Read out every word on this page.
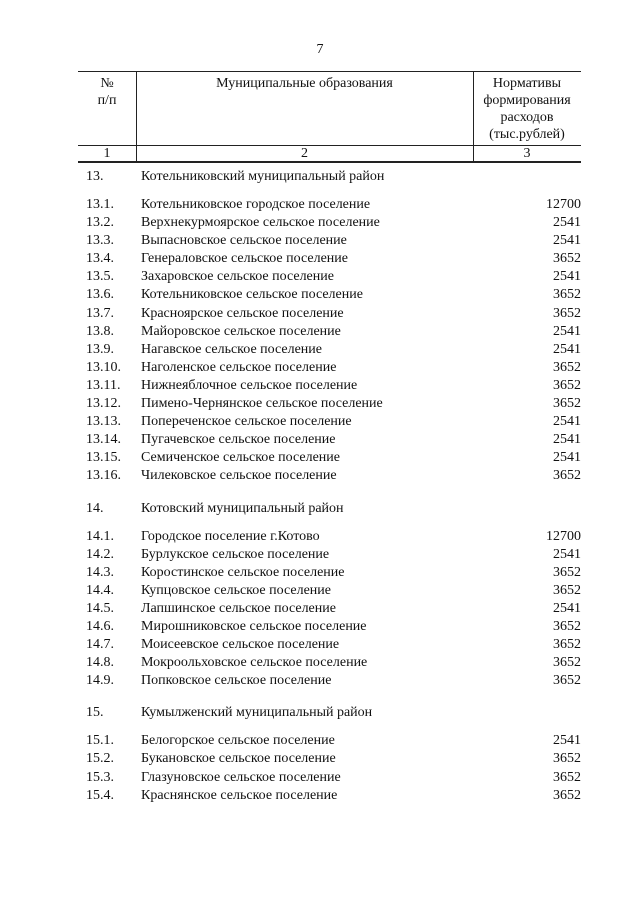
7
№
п/п
Муниципальные образования	Нормативы
формирования
расходов
(тыс.рублей)
1	2	3
13.	Котельниковский муниципальный район
13.1. Котельниковское городское поселение	12700
13.2. Верхнекурмоярское сельское поселение	2541
13.3. Выпасновское сельское поселение	2541
13.4. Генераловское сельское поселение	3652
13.5. Захаровское сельское поселение	2541
13.6. Котельниковское сельское поселение	3652
13.7. Красноярское сельское поселение	3652
13.8. Майоровское сельское поселение	2541
13.9. Нагавское сельское поселение	2541
13.10. Наголенское сельское поселение	3652
13.11. Нижнеяблочное сельское поселение	3652
13.12. Пимено-Чернянское сельское поселение	3652
13.13. Попереченское сельское поселение	2541
13.14. Пугачевское сельское поселение	2541
13.15. Семиченское сельское поселение	2541
13.16. Чилековское сельское поселение	3652
14.	Котовский муниципальный район
14.1. Городское поселение г.Котово	12700
14.2. Бурлукское сельское поселение	2541
14.3. Коростинское сельское поселение	3652
14.4. Купцовское сельское поселение	3652
14.5. Лапшинское сельское поселение	2541
14.6. Мирошниковское сельское поселение	3652
14.7. Моисеевское сельское поселение	3652
14.8. Мокроольховское сельское поселение	3652
14.9. Попковское сельское поселение	3652
15.	Кумылженский муниципальный район
15.1. Белогорское сельское поселение	2541
15.2. Букановское сельское поселение	3652
15.3. Глазуновское сельское поселение	3652
15.4. Краснянское сельское поселение	3652
